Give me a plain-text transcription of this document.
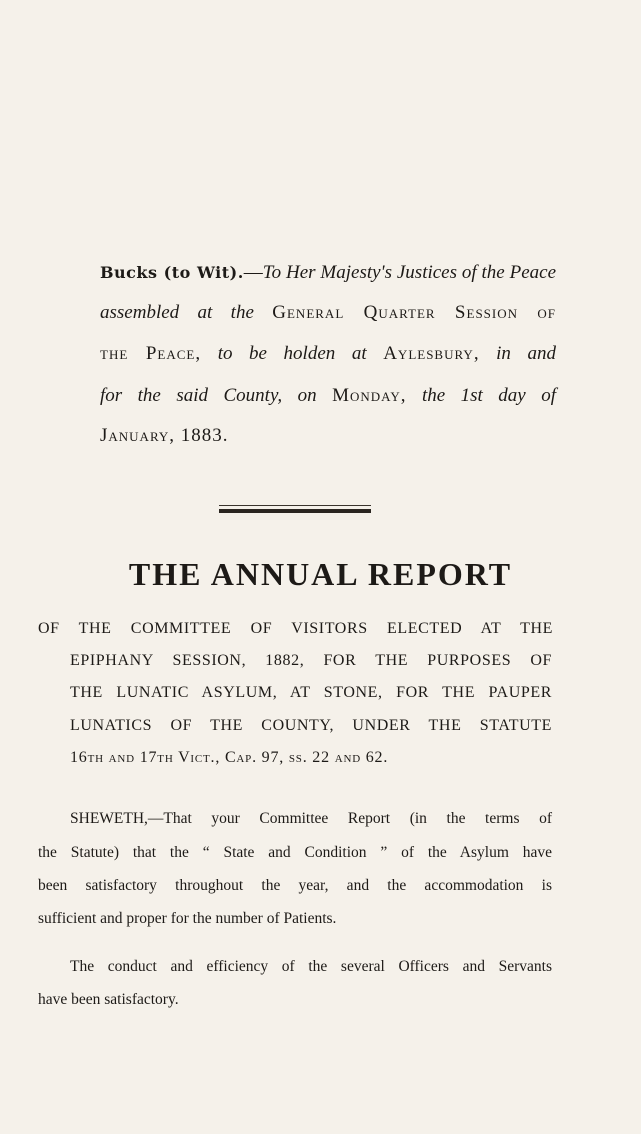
Bucks (to Wit).—To Her Majesty's Justices of the Peace
assembled at the General Quarter Session of
the Peace, to be holden at Aylesbury, in and
for the said County, on Monday, the 1st day of
January, 1883.
THE ANNUAL REPORT
OF THE COMMITTEE OF VISITORS ELECTED AT THE
EPIPHANY SESSION, 1882, FOR THE PURPOSES OF
THE LUNATIC ASYLUM, AT STONE, FOR THE PAUPER
LUNATICS OF THE COUNTY, UNDER THE STATUTE
16th and 17th Vict., Cap. 97, ss. 22 and 62.
SHEWETH,—That your Committee Report (in the terms of
the Statute) that the “ State and Condition ” of the Asylum have
been satisfactory throughout the year, and the accommodation is
sufficient and proper for the number of Patients.
The conduct and efficiency of the several Officers and Servants
have been satisfactory.
